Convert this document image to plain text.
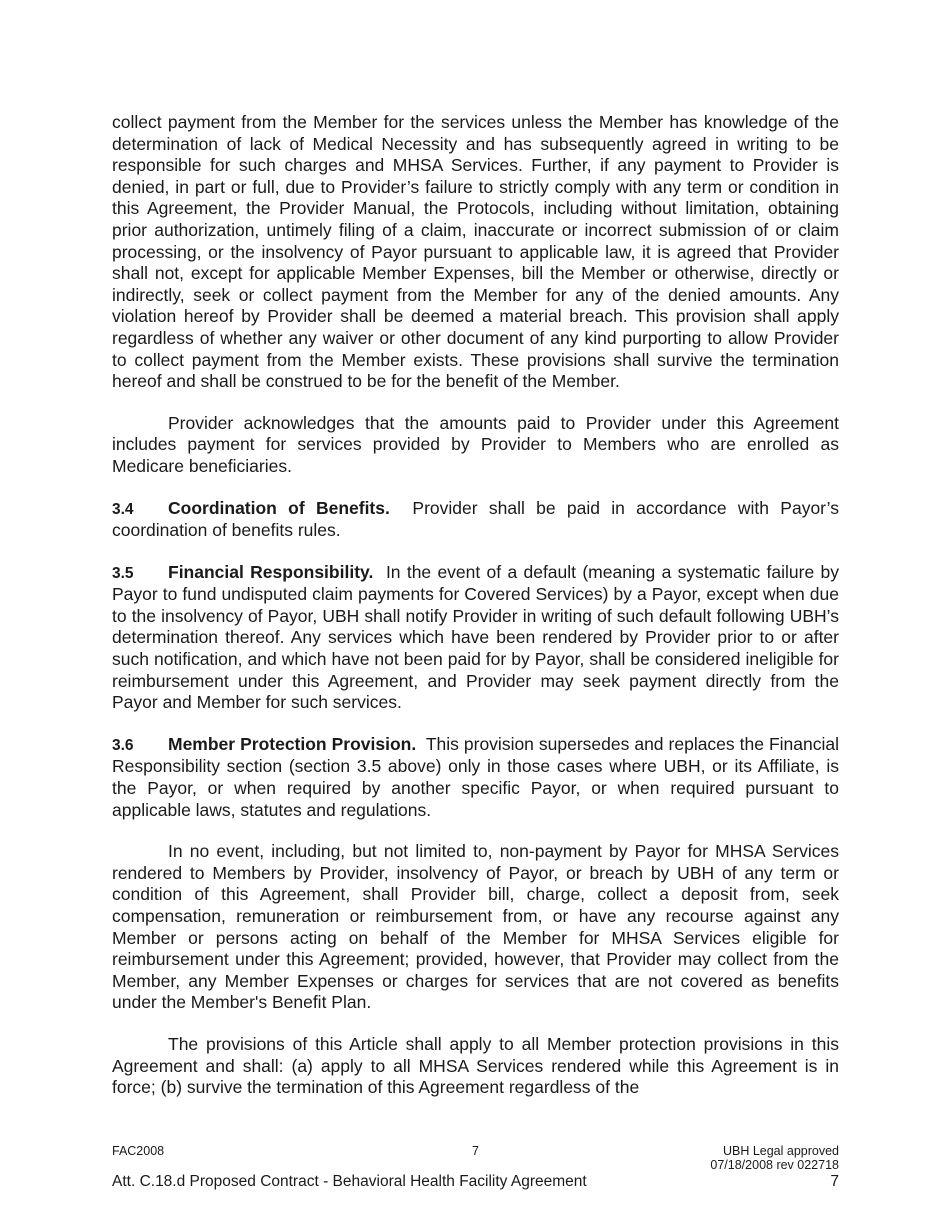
collect payment from the Member for the services unless the Member has knowledge of the determination of lack of Medical Necessity and has subsequently agreed in writing to be responsible for such charges and MHSA Services. Further, if any payment to Provider is denied, in part or full, due to Provider’s failure to strictly comply with any term or condition in this Agreement, the Provider Manual, the Protocols, including without limitation, obtaining prior authorization, untimely filing of a claim, inaccurate or incorrect submission of or claim processing, or the insolvency of Payor pursuant to applicable law, it is agreed that Provider shall not, except for applicable Member Expenses, bill the Member or otherwise, directly or indirectly, seek or collect payment from the Member for any of the denied amounts. Any violation hereof by Provider shall be deemed a material breach. This provision shall apply regardless of whether any waiver or other document of any kind purporting to allow Provider to collect payment from the Member exists. These provisions shall survive the termination hereof and shall be construed to be for the benefit of the Member.

Provider acknowledges that the amounts paid to Provider under this Agreement includes payment for services provided by Provider to Members who are enrolled as Medicare beneficiaries.

3.4 Coordination of Benefits. Provider shall be paid in accordance with Payor’s coordination of benefits rules.

3.5 Financial Responsibility. In the event of a default (meaning a systematic failure by Payor to fund undisputed claim payments for Covered Services) by a Payor, except when due to the insolvency of Payor, UBH shall notify Provider in writing of such default following UBH’s determination thereof. Any services which have been rendered by Provider prior to or after such notification, and which have not been paid for by Payor, shall be considered ineligible for reimbursement under this Agreement, and Provider may seek payment directly from the Payor and Member for such services.

3.6 Member Protection Provision. This provision supersedes and replaces the Financial Responsibility section (section 3.5 above) only in those cases where UBH, or its Affiliate, is the Payor, or when required by another specific Payor, or when required pursuant to applicable laws, statutes and regulations.

In no event, including, but not limited to, non-payment by Payor for MHSA Services rendered to Members by Provider, insolvency of Payor, or breach by UBH of any term or condition of this Agreement, shall Provider bill, charge, collect a deposit from, seek compensation, remuneration or reimbursement from, or have any recourse against any Member or persons acting on behalf of the Member for MHSA Services eligible for reimbursement under this Agreement; provided, however, that Provider may collect from the Member, any Member Expenses or charges for services that are not covered as benefits under the Member's Benefit Plan.

The provisions of this Article shall apply to all Member protection provisions in this Agreement and shall: (a) apply to all MHSA Services rendered while this Agreement is in force; (b) survive the termination of this Agreement regardless of the

FAC2008	7	UBH Legal approved
07/18/2008 rev 022718
Att. C.18.d Proposed Contract - Behavioral Health Facility Agreement	7
